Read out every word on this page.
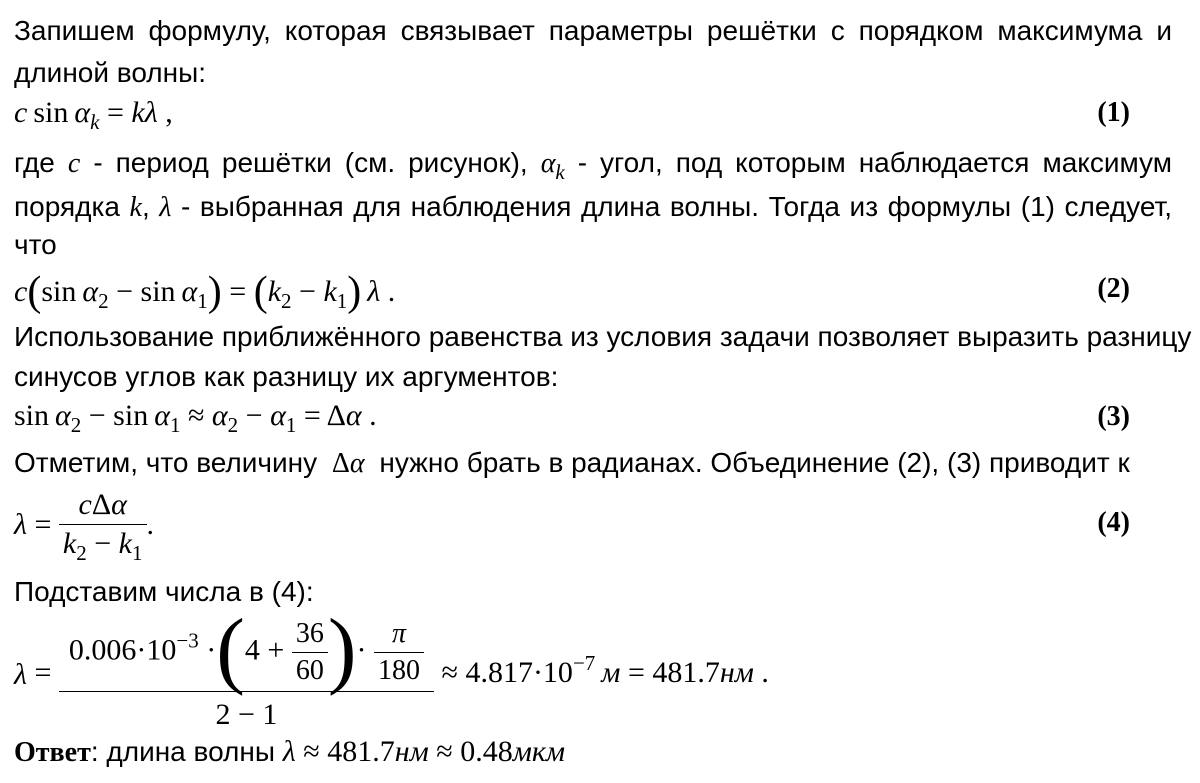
Запишем формулу, которая связывает параметры решётки с порядком максимума и
длиной волны:
c $\sin \alpha_k = k\lambda$ ,	(1)
где c - период решётки (см. рисунок), $\alpha_k$ - угол, под которым наблюдается максимум
порядка k, λ - выбранная для наблюдения длина волны. Тогда из формулы (1) следует,
что
c(sin $\alpha_2 - \sin \alpha_1) = (k_2 - k_1)$  λ .	(2)
Использование приближённого равенства из условия задачи позволяет выразить разницу
синусов углов как разницу их аргументов:
$\sin \alpha_2 - \sin \alpha_1 \approx \alpha_2 - \alpha_1 = \Delta\alpha$ .	(3)
Отметим, что величину  Δα нужно брать в радианах. Объединение (2), (3) приводит к
$\lambda = \frac{\text{cΔα}}{k_2 - k_1}$ .	(4)
Подставим числа в (4):
λ =
$0.006\cdot 10^{-3} \cdot(4 + \frac{36}{60}$ )· $\frac{\pi}{180}$
2 − 1
≈ $4.817\cdot 10^{-7}$  м = 481.7нм .
Ответ: длина волны λ ≈ 481.7нм ≈ 0.48мкм
